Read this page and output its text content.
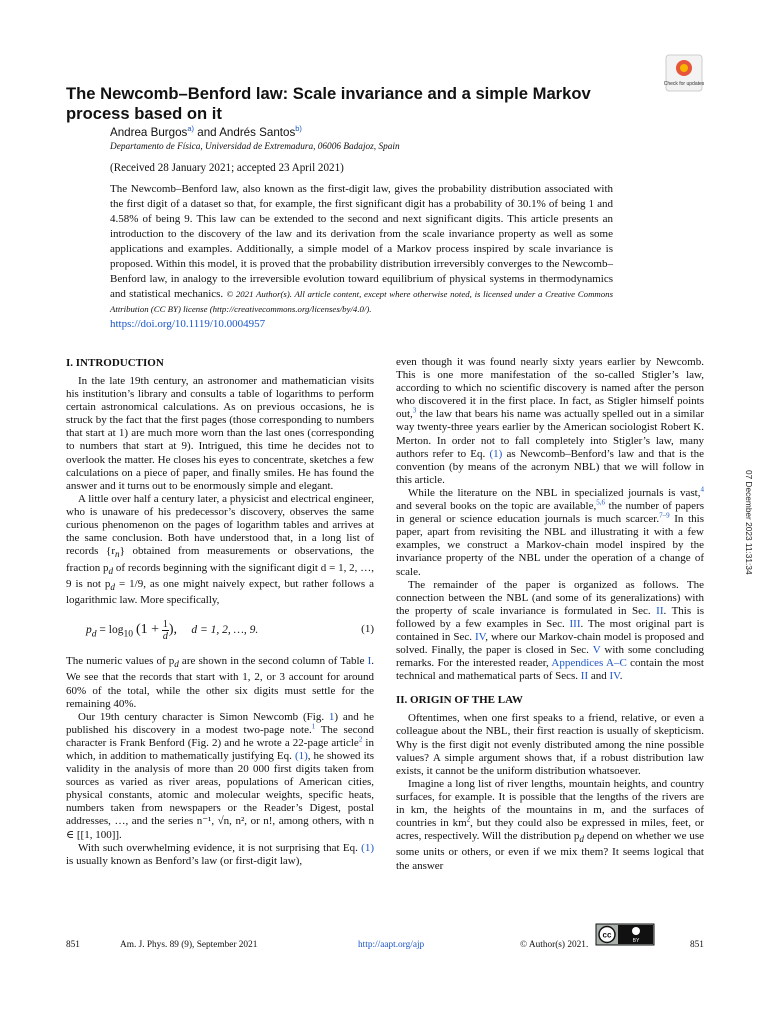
The Newcomb–Benford law: Scale invariance and a simple Markov process based on it
Check for updates
Andrea Burgos$^{a)}$ and Andrés Santos$^{b)}$
Departamento de Física, Universidad de Extremadura, 06006 Badajoz, Spain
(Received 28 January 2021; accepted 23 April 2021)
The Newcomb–Benford law, also known as the first-digit law, gives the probability distribution associated with the first digit of a dataset so that, for example, the first significant digit has a probability of 30.1% of being 1 and 4.58% of being 9. This law can be extended to the second and next significant digits. This article presents an introduction to the discovery of the law and its derivation from the scale invariance property as well as some applications and examples. Additionally, a simple model of a Markov process inspired by scale invariance is proposed. Within this model, it is proved that the probability distribution irreversibly converges to the Newcomb–Benford law, in analogy to the irreversible evolution toward equilibrium of physical systems in thermodynamics and statistical mechanics. © 2021 Author(s). All article content, except where otherwise noted, is licensed under a Creative Commons Attribution (CC BY) license (http://creativecommons.org/licenses/by/4.0/).
https://doi.org/10.1119/10.0004957
I. INTRODUCTION

In the late 19th century, an astronomer and mathematician visits his institution’s library and consults a table of logarithms to perform certain astronomical calculations. As on previous occasions, he is struck by the fact that the first pages (those corresponding to numbers that start at 1) are much more worn than the last ones (corresponding to numbers that start at 9). Intrigued, this time he decides not to overlook the matter. He closes his eyes to concentrate, sketches a few calculations on a piece of paper, and finally smiles. He has found the answer and it turns out to be enormously simple and elegant.

A little over half a century later, a physicist and electrical engineer, who is unaware of his predecessor’s discovery, observes the same curious phenomenon on the pages of logarithm tables and arrives at the same conclusion. Both have understood that, in a long list of records $\{r_n\}$ obtained from measurements or observations, the fraction $p_d$ of records beginning with the significant digit d = 1, 2, …, 9 is not $p_d = 1/9$, as one might naively expect, but rather follows a logarithmic law. More specifically,

$p_d = \log_{10} (1 + \frac{1}{d}$ ), d = 1, 2, …, 9.	(1)

The numeric values of $p_d$ are shown in the second column of Table I. We see that the records that start with 1, 2, or 3 account for around 60% of the total, while the other six digits must settle for the remaining 40%.

Our 19th century character is Simon Newcomb (Fig. 1) and he published his discovery in a modest two-page note.$^1$ The second character is Frank Benford (Fig. 2) and he wrote a 22-page article$^2$ in which, in addition to mathematically justifying Eq. (1), he showed its validity in the analysis of more than 20 000 first digits taken from sources as varied as river areas, populations of American cities, physical constants, atomic and molecular weights, specific heats, numbers taken from newspapers or the Reader’s Digest, postal addresses, …, and the series n⁻¹, √n, n², or n!, among others, with n ∈ [[1, 100]].

With such overwhelming evidence, it is not surprising that Eq. (1) is usually known as Benford’s law (or first-digit law),

even though it was found nearly sixty years earlier by Newcomb. This is one more manifestation of the so-called Stigler’s law, according to which no scientific discovery is named after the person who discovered it in the first place. In fact, as Stigler himself points out,$^3$ the law that bears his name was actually spelled out in a similar way twenty-three years earlier by the American sociologist Robert K. Merton. In order not to fall completely into Stigler’s law, many authors refer to Eq. (1) as Newcomb–Benford’s law and that is the convention (by means of the acronym NBL) that we will follow in this article.

While the literature on the NBL in specialized journals is vast,$^4$ and several books on the topic are available,$^{5,6}$ the number of papers in general or science education journals is much scarcer.$^{7-9}$ In this paper, apart from revisiting the NBL and illustrating it with a few examples, we construct a Markov-chain model inspired by the invariance property of the NBL under the operation of a change of scale.

The remainder of the paper is organized as follows. The connection between the NBL (and some of its generalizations) with the property of scale invariance is formulated in Sec. II. This is followed by a few examples in Sec. III. The most original part is contained in Sec. IV, where our Markov-chain model is proposed and solved. Finally, the paper is closed in Sec. V with some concluding remarks. For the interested reader, Appendices A–C contain the most technical and mathematical parts of Secs. II and IV.

II. ORIGIN OF THE LAW

Oftentimes, when one first speaks to a friend, relative, or even a colleague about the NBL, their first reaction is usually of skepticism. Why is the first digit not evenly distributed among the nine possible values? A simple argument shows that, if a robust distribution law exists, it cannot be the uniform distribution whatsoever.

Imagine a long list of river lengths, mountain heights, and country surfaces, for example. It is possible that the lengths of the rivers are in km, the heights of the mountains in m, and the surfaces of countries in $km^2$, but they could also be expressed in miles, feet, or acres, respectively. Will the distribution $p_d$ depend on whether we use some units or others, or even if we mix them? It seems logical that the answer

07 December 2023 11:31:34
851	Am. J. Phys. 89 (9), September 2021	http://aapt.org/ajp	© Author(s) 2021.	851
cc
BY
